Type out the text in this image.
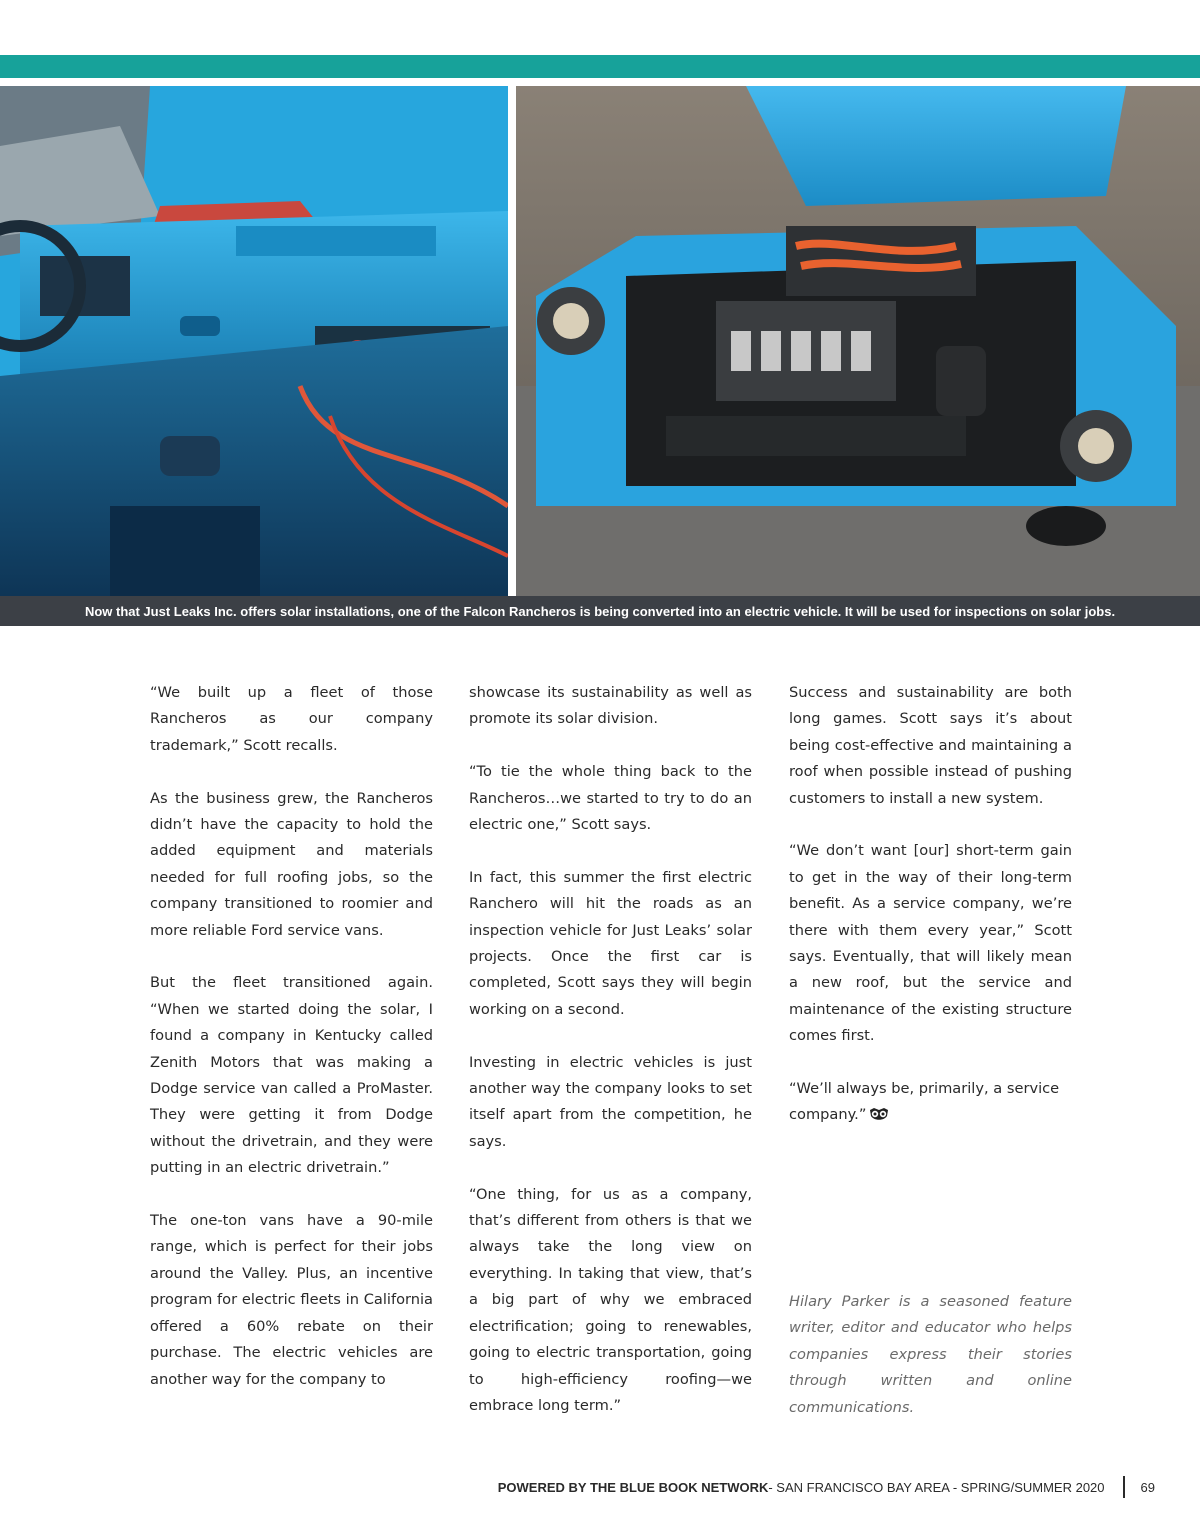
Now that Just Leaks Inc. offers solar installations, one of the Falcon Rancheros is being converted into an electric vehicle. It will be used for inspections on solar jobs.

“We built up a fleet of those Rancheros as our company trademark,” Scott recalls.

As the business grew, the Rancheros didn’t have the capacity to hold the added equipment and materials needed for full roofing jobs, so the company transitioned to roomier and more reliable Ford service vans.

But the fleet transitioned again. “When we started doing the solar, I found a company in Kentucky called Zenith Motors that was making a Dodge service van called a ProMaster. They were getting it from Dodge without the drivetrain, and they were putting in an electric drivetrain.”

The one-ton vans have a 90-mile range, which is perfect for their jobs around the Valley. Plus, an incentive program for electric fleets in California offered a 60% rebate on their purchase. The electric vehicles are another way for the company to

showcase its sustainability as well as promote its solar division.

“To tie the whole thing back to the Rancheros…we started to try to do an electric one,” Scott says.

In fact, this summer the first electric Ranchero will hit the roads as an inspection vehicle for Just Leaks’ solar projects. Once the first car is completed, Scott says they will begin working on a second.

Investing in electric vehicles is just another way the company looks to set itself apart from the competition, he says.

“One thing, for us as a company, that’s different from others is that we always take the long view on everything. In taking that view, that’s a big part of why we embraced electrification; going to renewables, going to electric transportation, going to high-efficiency roofing—we embrace long term.”

Success and sustainability are both long games. Scott says it’s about being cost-effective and maintaining a roof when possible instead of pushing customers to install a new system.

“We don’t want [our] short-term gain to get in the way of their long-term benefit. As a service company, we’re there with them every year,” Scott says. Eventually, that will likely mean a new roof, but the service and maintenance of the existing structure comes first.

“We’ll always be, primarily, a service company.”

Hilary Parker is a seasoned feature writer, editor and educator who helps companies express their stories through written and online communications.

POWERED BY THE BLUE BOOK NETWORK - SAN FRANCISCO BAY AREA - SPRING/SUMMER 2020	69
